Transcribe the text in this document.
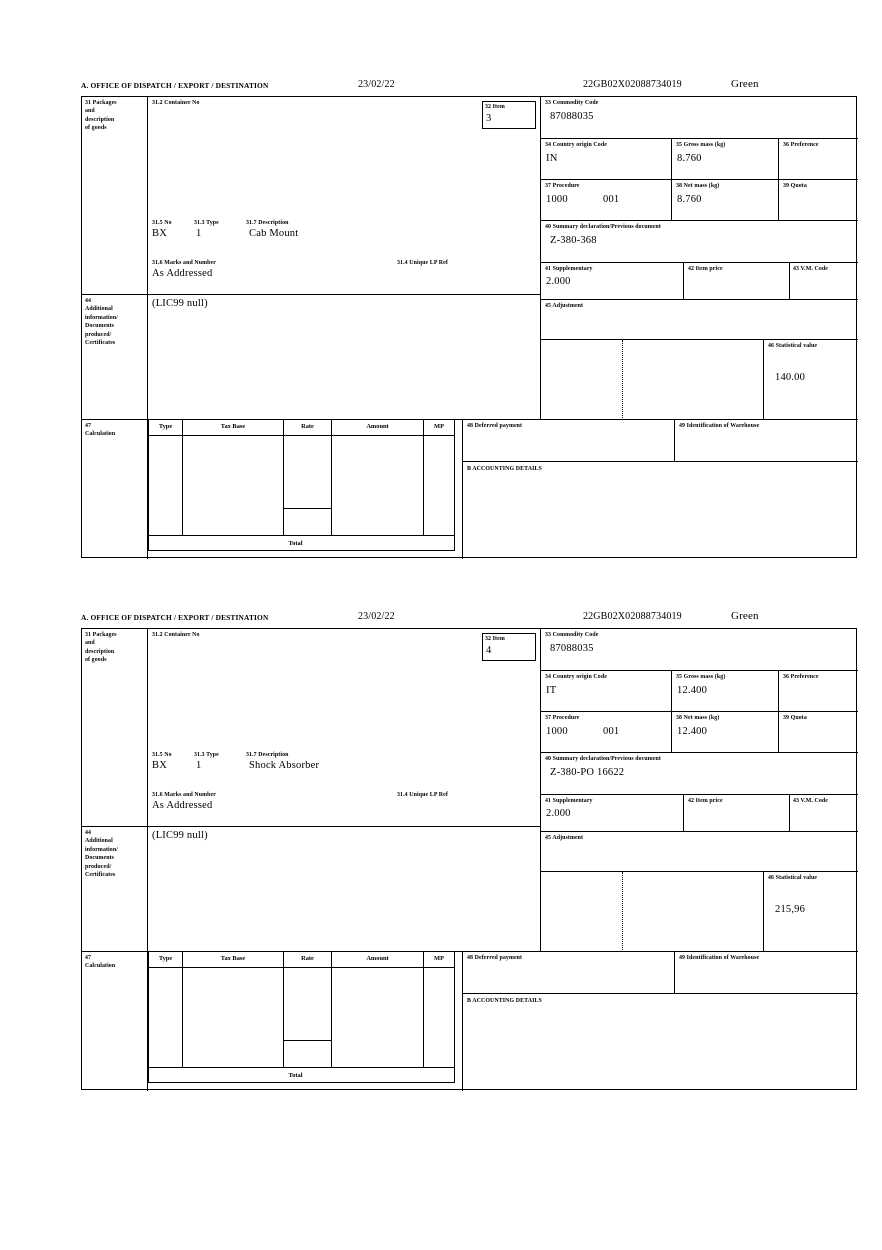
A. OFFICE OF DISPATCH / EXPORT / DESTINATION	23/02/22	22GB02X02088734019	Green
31 Packages
and
description
of goods
31.2 Container No
31.5 No	31.3 Type	31.7 Description
BX	1	Cab Mount
31.6 Marks and Number	31.4 Unique LP Ref
As Addressed
32 Item
3
33 Commodity Code
87088035
34 Country origin Code
IN
35 Gross mass (kg)
8.760
36 Preference
37 Procedure
1000	001
38 Net mass (kg)
8.760
39 Quota
40 Summary declaration/Previous document
Z-380-368
41 Supplementary
2.000
42 Item price	43 V.M. Code
44
Additional
information/
Documents
produced/
Certificates
(LIC99 null)	45 Adjustment
46 Statistical value
140.00
47
Calculation
Type	Tax Base	Rate	Amount	MP
Total
48 Deferred payment	49 Identification of Warehouse
B ACCOUNTING DETAILS
A. OFFICE OF DISPATCH / EXPORT / DESTINATION	23/02/22	22GB02X02088734019	Green
31 Packages
and
description
of goods
31.2 Container No
31.5 No	31.3 Type	31.7 Description
BX	1	Shock Absorber
31.6 Marks and Number	31.4 Unique LP Ref
As Addressed
32 Item
4
33 Commodity Code
87088035
34 Country origin Code
IT
35 Gross mass (kg)
12.400
36 Preference
37 Procedure
1000	001
38 Net mass (kg)
12.400
39 Quota
40 Summary declaration/Previous document
Z-380-PO 16622
41 Supplementary
2.000
42 Item price	43 V.M. Code
44
Additional
information/
Documents
produced/
Certificates
(LIC99 null)	45 Adjustment
46 Statistical value
215,96
47
Calculation
Type	Tax Base	Rate	Amount	MP
Total
48 Deferred payment	49 Identification of Warehouse
B ACCOUNTING DETAILS
